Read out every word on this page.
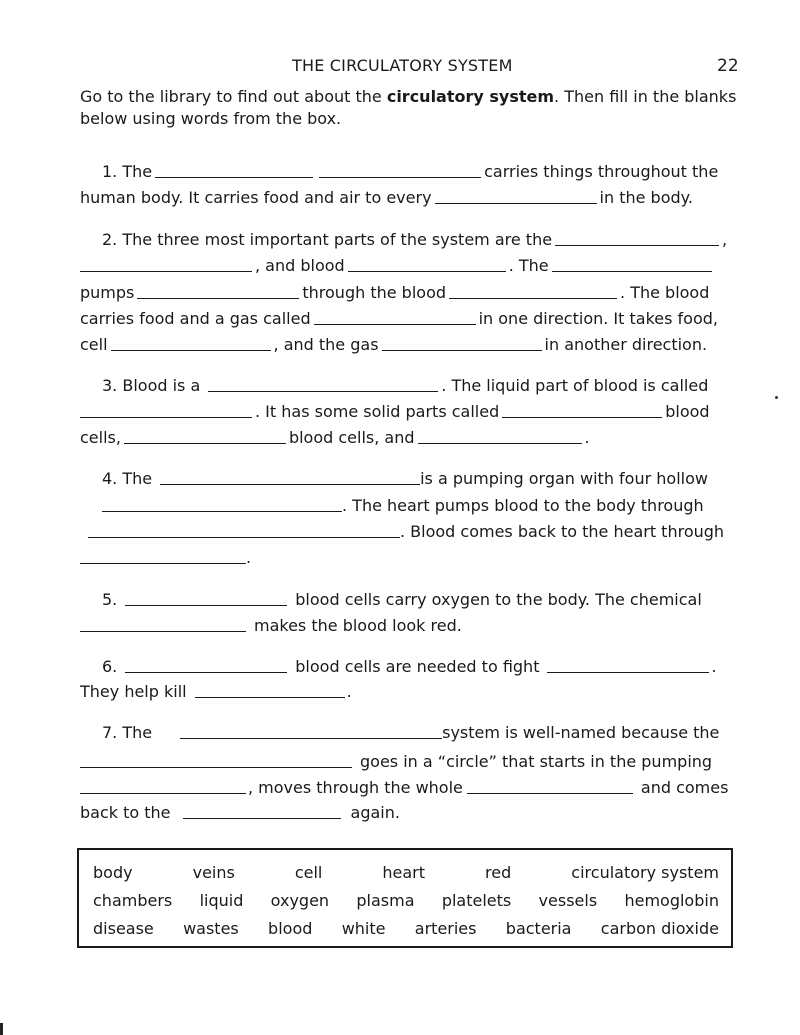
THE CIRCULATORY SYSTEM	22
Go to the library to find out about the circulatory system. Then fill in the blanks below using words from the box.
1. The	carries things throughout the
human body. It carries food and air to every	in the body.
2. The three most important parts of the system are the	,
, and blood	. The
pumps	through the blood	. The blood
carries food and a gas called	in one direction. It takes food,
cell	, and the gas	in another direction.
3. Blood is a	. The liquid part of blood is called
. It has some solid parts called	blood
cells,	blood cells, and	.
4. The	is a pumping organ with four hollow
. The heart pumps blood to the body through
. Blood comes back to the heart through
.
5.	blood cells carry oxygen to the body. The chemical
makes the blood look red.
6.	blood cells are needed to fight	.
They help kill	.
7. The	system is well-named because the
goes in a “circle” that starts in the pumping
, moves through the whole	and comes
back to the	again.
body	veins	cell	heart	red	circulatory system
chambers liquid oxygen plasma platelets vessels hemoglobin
disease wastes blood white arteries bacteria carbon dioxide
